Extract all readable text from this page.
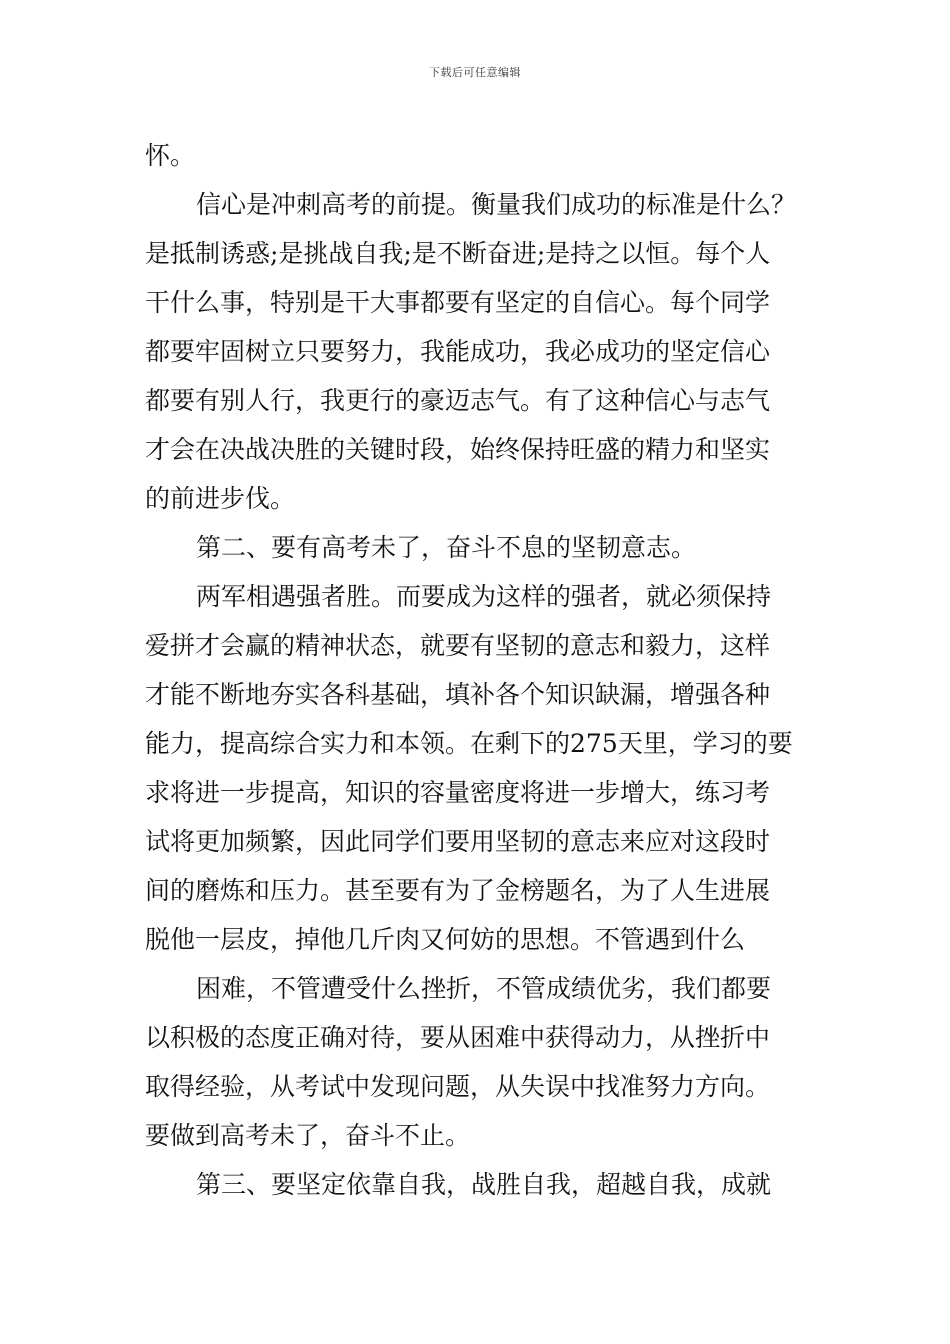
下载后可任意编辑
怀。
信心是冲刺高考的前提。衡量我们成功的标准是什么？
是抵制诱惑;是挑战自我;是不断奋进;是持之以恒。每个人
干什么事，特别是干大事都要有坚定的自信心。每个同学
都要牢固树立只要努力，我能成功，我必成功的坚定信心
都要有别人行，我更行的豪迈志气。有了这种信心与志气
才会在决战决胜的关键时段，始终保持旺盛的精力和坚实
的前进步伐。
第二、要有高考未了，奋斗不息的坚韧意志。
两军相遇强者胜。而要成为这样的强者，就必须保持
爱拼才会赢的精神状态，就要有坚韧的意志和毅力，这样
才能不断地夯实各科基础，填补各个知识缺漏，增强各种
能力，提高综合实力和本领。在剩下的275天里，学习的要
求将进一步提高，知识的容量密度将进一步增大，练习考
试将更加频繁，因此同学们要用坚韧的意志来应对这段时
间的磨炼和压力。甚至要有为了金榜题名，为了人生进展
脱他一层皮，掉他几斤肉又何妨的思想。不管遇到什么
困难，不管遭受什么挫折，不管成绩优劣，我们都要
以积极的态度正确对待，要从困难中获得动力，从挫折中
取得经验，从考试中发现问题，从失误中找准努力方向。
要做到高考未了，奋斗不止。
第三、要坚定依靠自我，战胜自我，超越自我，成就
